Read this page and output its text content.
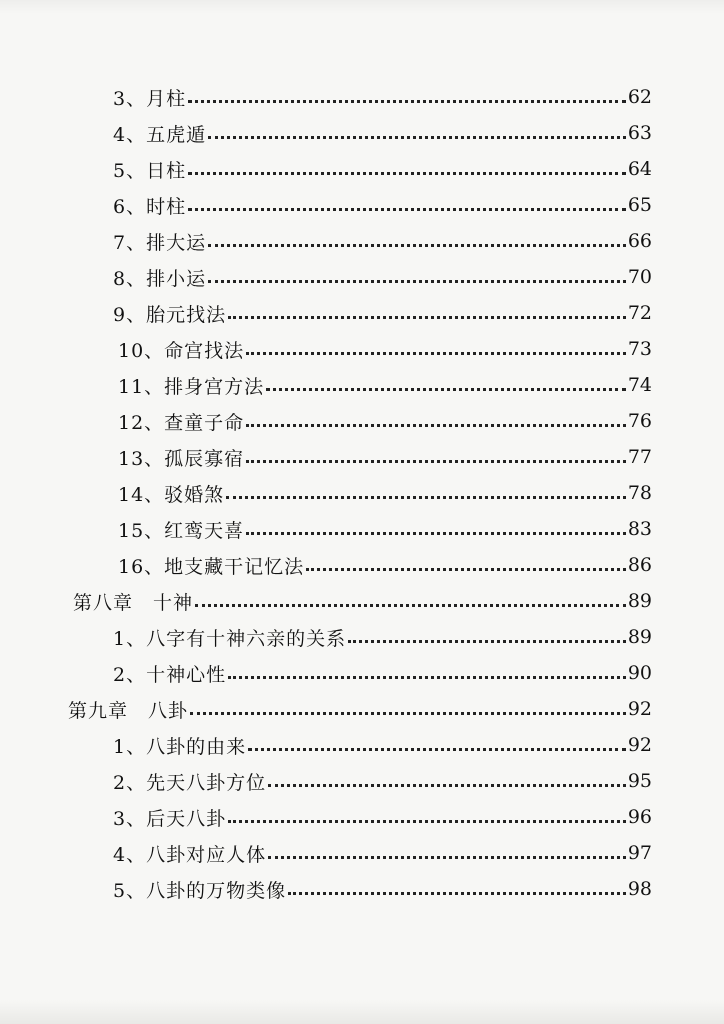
3、月柱	62
4、五虎遁	63
5、日柱	64
6、时柱	65
7、排大运	66
8、排小运	70
9、胎元找法	72
10、命宫找法	73
11、排身宫方法	74
12、查童子命	76
13、孤辰寡宿	77
14、驳婚煞	78
15、红鸾天喜	83
16、地支藏干记忆法	86
第八章　十神	89
1、八字有十神六亲的关系	89
2、十神心性	90
第九章　八卦	92
1、八卦的由来	92
2、先天八卦方位	95
3、后天八卦	96
4、八卦对应人体	97
5、八卦的万物类像	98
